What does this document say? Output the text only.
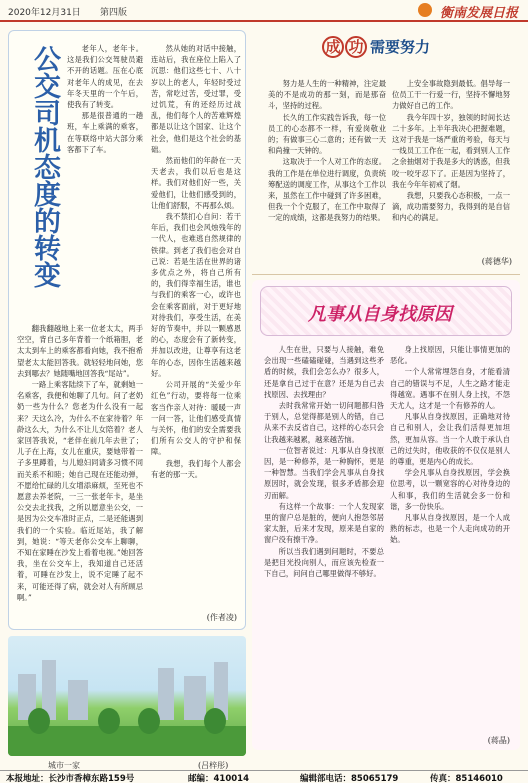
2020年12月31日 第四版	衡南发展日报
公交司机态度的转变	老年人，老年卡。这是我们公交驾驶员避不开的话题。压在心底对老年人的成见，在去年冬天里的一个午后，使我有了转变。

那是很普通的一趟班，车上乘满的乘客，在等联络中站大部分乘客都下了车。

翻我翻越地上来一位老太太，两手空空，背自己多年背着一个纸箱胆，老太太到车上的乘客都看向她，我不抱希望老太太能回答我。就轻轻地问她，您去到哪去？她随嘴地回答我“尾站”。

一路上乘客陆续下了车，就剩她一名乘客，我便和她聊了几句。问了老奶奶一些为什么？您老为什么没有一起来？天这么冷，为什么不在家待着？年龄这么大，为什么不让儿女陪着？老人家回答我说，“老伴在前几年去世了；儿子在上海，女儿在重庆，要她带着一子多里蹲着，与儿媳妇同请多习惯不同而关系不和睦；她自己现在还能动弹，不愿给忙碌的儿女增添麻烦，至死也不愿意去养老院，一三一张老年卡，是坐公交去北找我，之所以愿意坐公交，一是因为公交车准时正点，二是还能遇到我们的一个实验。临近尾站，我了解到，她说：“等天老你公交车上聊聊，不知在家睡在沙发上看着电视。”她回答我，坐在公交车上，我知道自己还活着，可睡在沙发上，说不定睡了起不来，可能还得了病，就会对人有所顾忌啊。”

然从她的对话中接触，连站后，我在座位上陷入了沉思：他们这些七十、八十岁以上的老人，年轻时受过苦，常吃过苦，受过罪，受过饥荒，有的还经历过战乱，他们每个人的苦难辉煌都是以让这个国家、让这个社会，他们是这个社会的基础。

然而他们的年龄在一天天老去，我们以后也是这样。我们对他们好一些，关爱他们，让他们感受到的，让他们舒服，不再那么烦。

我不禁扪心自问：若干年后，我们也会风烛残年的一代人，也难逃自然规律的铁律。到老了我们也会对自己说：若是生活在世界的诸多优点之外，将自己所有的，我们得幸福生活，谁也与我们的乘客一心，或许也会在乘客面前，对于更好地对待我们，享受生活，在美好的节奏中，并以一颗感恩的心，态度会有了新转变，并加以改进，让尊享有这老年的心态，因你生活越来越好。

公司开展的“关爱少年红色”行动，要将每一位乘客当作亲人对待：暖暖一声一问一答，让他们感受真情与关怀，他们的安全需要我们所有公交人的守护和保障。

我想，我们每个人都会有老的那一天。

(作者凌)
成 功 需要努力

努力是人生的一种精神，注定最美的不是成功的那一刻，而是那奋斗，坚持的过程。

长久的工作实践告诉我，每一位员工的心态都不一样，有爱岗敬业的；有做事三心二意的；还有做一天和尚撞一天钟的。

这取决于一个人对工作的态度。我的工作是在单位进行调度，负责统筹配送的调度工作，从事这个工作以来，虽然在工作中碰到了许多困难，但我一个个克服了，在工作中取得了一定的成绩，这都是我努力的结果。

上安全事故隐到最低。倡导每一位员工干一行爱一行，坚持不懈地努力做好自己的工作。

我今年四十岁，独领的时间长达二十多年。上半年我决心把握难题，这对于我是一场严重的考验，每天与一线员工工作在一起，看到别人工作之余抽烟对于我是多大的诱惑，但我咬一咬牙忍下了。正是因为坚持了，我在今年年初戒了烟。

我想，只要我心态积极，一点一滴，成功需要努力，我得到的是自信和内心的满足。

(蒋德华)
凡事从自身找原因

人生在世，只要与人接触，难免会出现一些磕磕碰碰，当遇到这些矛盾的时候，我们会怎么办？很多人，还是拿自己过于在意？还是为自己去找原因、去找理由？

去时我常常开始一切问题都归咎于别人，总觉得都是别人的错，自己从来不去反省自己，这样的心态只会让我越来越累，越来越苦恼。

一位智者说过：凡事从自身找原因，是一种修养，是一种胸怀，更是一种智慧。当我们学会凡事从自身找原因时，就会发现，很多矛盾都会迎刃而解。

有这样一个故事：一个人发现家里的窗户总是脏的，便向人抱怨邻居家太脏，后来才发现，原来是自家的窗户没有擦干净。

所以当我们遇到问题时，不要总是把目光投向别人，而应该先检查一下自己，问问自己哪里做得不够好。

身上找原因，只能让事情更加的恶化。

一个人常常埋怨自身，才能看清自己的错误与不足，人生之路才能走得越宽。遇事不在别人身上找，不怨天尤人，这才是一个有修养的人。

凡事从自身找原因，正确地对待自己和别人，会让我们活得更加坦然，更加从容。当一个人敢于承认自己的过失时，他收获的不仅仅是别人的尊重，更是内心的成长。

学会凡事从自身找原因，学会换位思考，以一颗宽容的心对待身边的人和事，我们的生活就会多一份和谐，多一份快乐。

凡事从自身找原因，是一个人成熟的标志，也是一个人走向成功的开始。

(蒋晶)
城市一家	(吕梓彤)
本报地址：长沙市香樟东路159号	邮编：410014	编辑部电话：85065179	传真：85146010
